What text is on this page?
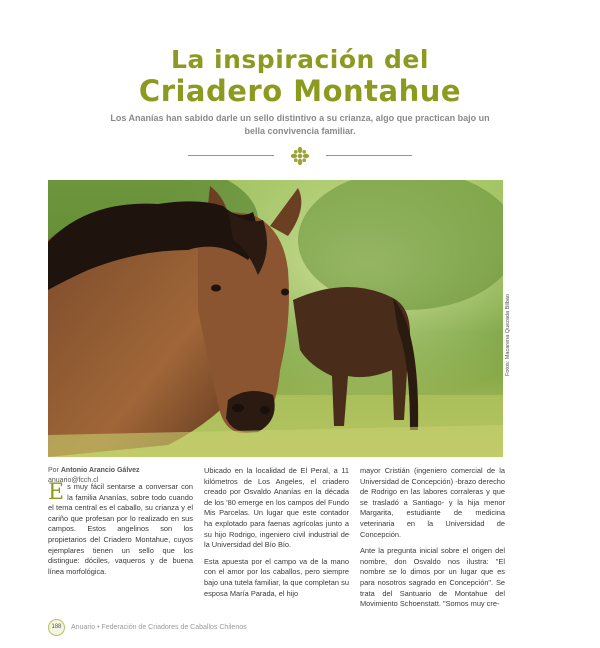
La inspiración del
Criadero Montahue

Los Ananías han sabido darle un sello distintivo a su crianza, algo que practican bajo un bella convivencia familiar.

Fotos: Macarena Quezada Bilbao
Por Antonio Arancio Gálvez
anuario@fcch.cl

Es muy fácil sentarse a conversar con la familia Ananías, sobre todo cuando el tema central es el caballo, su crianza y el cariño que profesan por lo realizado en sus campos. Estos angelinos son los propietarios del Criadero Montahue, cuyos ejemplares tienen un sello que los distingue: dóciles, vaqueros y de buena línea morfológica.

Ubicado en la localidad de El Peral, a 11 kilómetros de Los Angeles, el criadero creado por Osvaldo Ananías en la década de los '80 emerge en los campos del Fundo Mis Parcelas. Un lugar que este contador ha explotado para faenas agrícolas junto a su hijo Rodrigo, ingeniero civil industrial de la Universidad del Bío Bío.

Esta apuesta por el campo va de la mano con el amor por los caballos, pero siempre bajo una tutela familiar, la que completan su esposa María Parada, el hijo

mayor Cristián (ingeniero comercial de la Universidad de Concepción) -brazo derecho de Rodrigo en las labores corraleras y que se trasladó a Santiago- y la hija menor Margarita, estudiante de medicina veterinaria en la Universidad de Concepción.

Ante la pregunta inicial sobre el origen del nombre, don Osvaldo nos ilustra: "El nombre se lo dimos por un lugar que es para nosotros sagrado en Concepción". Se trata del Santuario de Montahue del Movimiento Schoenstatt. "Somos muy cre-

188	Anuario • Federación de Criadores de Caballos Chilenos
